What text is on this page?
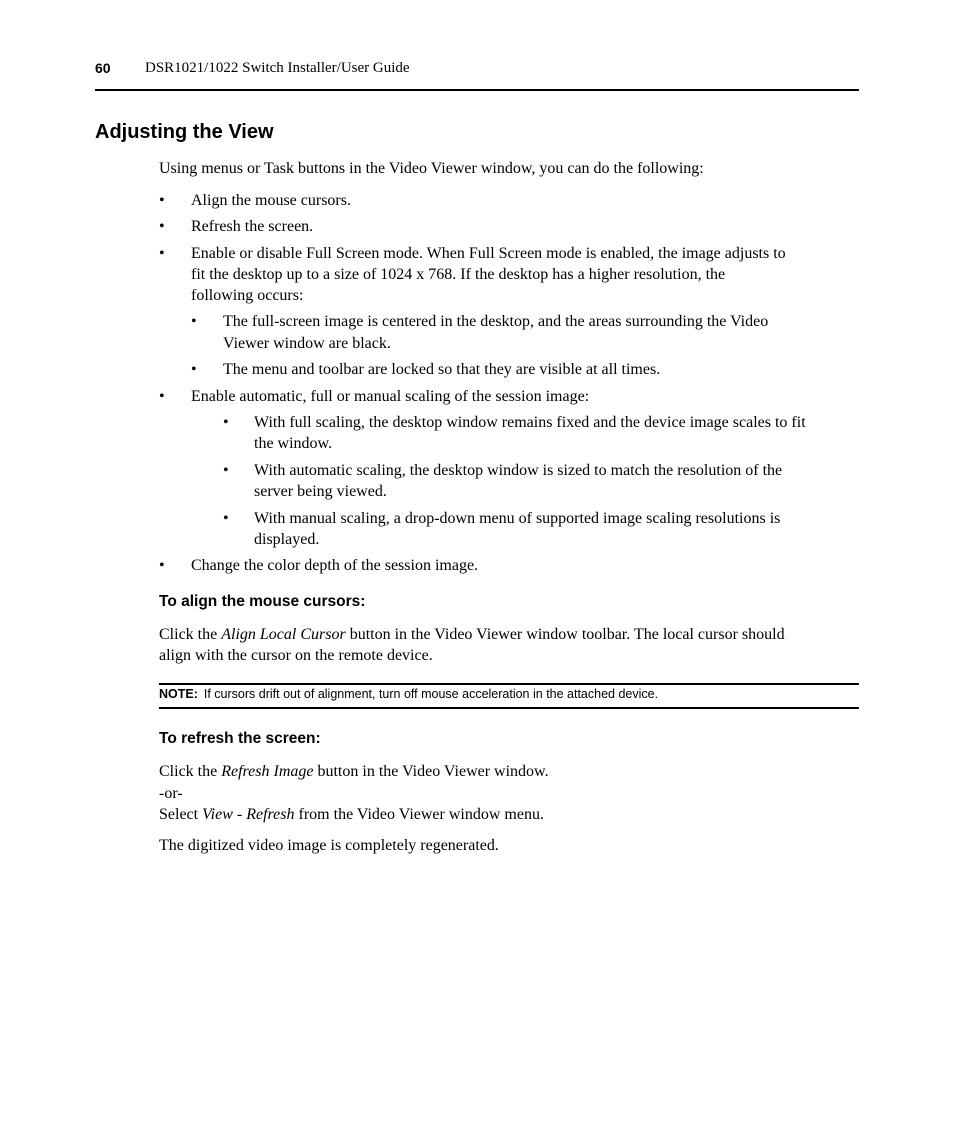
60 DSR1021/1022 Switch Installer/User Guide
Adjusting the View
Using menus or Task buttons in the Video Viewer window, you can do the following:
• Align the mouse cursors.
• Refresh the screen.
• Enable or disable Full Screen mode. When Full Screen mode is enabled, the image adjusts to
fit the desktop up to a size of 1024 x 768. If the desktop has a higher resolution, the
following occurs:
• The full-screen image is centered in the desktop, and the areas surrounding the Video
Viewer window are black.
• The menu and toolbar are locked so that they are visible at all times.
• Enable automatic, full or manual scaling of the session image:
• With full scaling, the desktop window remains fixed and the device image scales to fit
the window.
• With automatic scaling, the desktop window is sized to match the resolution of the
server being viewed.
• With manual scaling, a drop-down menu of supported image scaling resolutions is
displayed.
• Change the color depth of the session image.
To align the mouse cursors:
Click the Align Local Cursor button in the Video Viewer window toolbar. The local cursor should
align with the cursor on the remote device.
NOTE: If cursors drift out of alignment, turn off mouse acceleration in the attached device.
To refresh the screen:
Click the Refresh Image button in the Video Viewer window.
-or-
Select View - Refresh from the Video Viewer window menu.
The digitized video image is completely regenerated.
